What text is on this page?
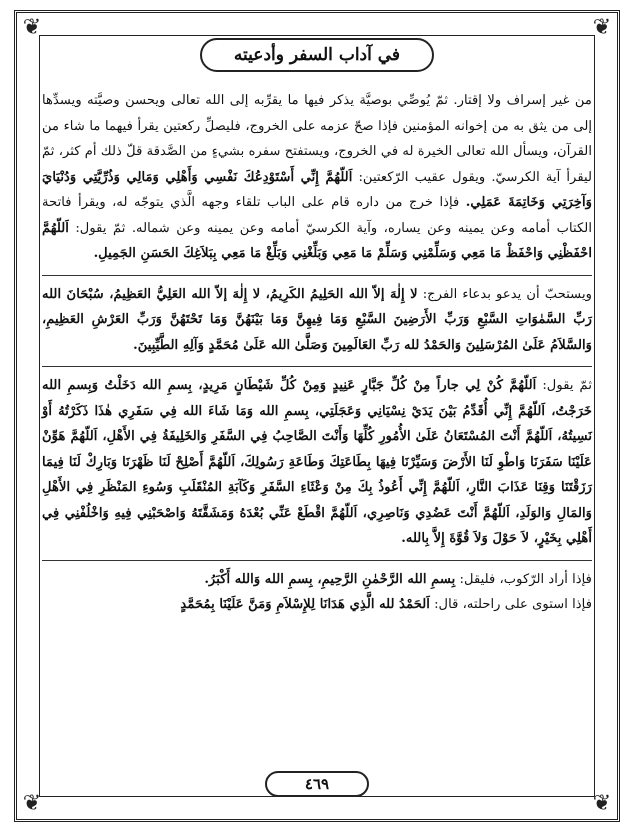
❦	❦
❦	❦
في آداب السفر وأدعيته

من غير إسراف ولا إقتار. ثمّ يُوصِّي بوصيَّة يذكر فيها ما يقرِّبه إلى الله تعالى ويحسن وصيَّته ويسدِّها إلى من يثق به من إخوانه المؤمنين فإذا صحّ عزمه على الخروج، فليصلِّ ركعتين يقرأ فيهما ما شاء من القرآن، ويسأل الله تعالى الخيرة له في الخروج، ويستفتح سفره بشيءٍ من الصَّدقة قلّ ذلك أم كثر، ثمّ ليقرأ آية الكرسيّ. ويقول عقيب الرّكعتين: اَللّهُمَّ إِنِّي أَسْتَوْدِعُكَ نَفْسِي وَأَهْلِي وَمَالِي وَذُرِّيَّتِي وَدُنْيَايَ وَآخِرَتِي وَخَاتِمَةَ عَمَلِي. فإذا خرج من داره قام على الباب تلقاء وجهه الَّذي يتوجّه له، ويقرأ فاتحة الكتاب أمامه وعن يمينه وعن يساره، وآية الكرسيّ أمامه وعن يمينه وعن شماله. ثمّ يقول: اَللّهُمَّ احْفَظْنِي وَاحْفَظْ مَا مَعِي وَسَلِّمْنِي وَسَلِّمْ مَا مَعِي وَبَلِّغْنِي وَبَلِّغْ مَا مَعِي بِبَلاَغِكَ الحَسَنِ الجَمِيلِ.

ويستحبّ أن يدعو بدعاء الفرج: لا إِلٰهَ إلاّ الله الحَلِيمُ الكَرِيمُ، لا إِلٰهَ إلاّ الله العَلِيُّ العَظِيمُ، سُبْحَانَ الله رَبِّ السَّمٰوَاتِ السَّبْعِ وَرَبِّ الأَرَضِينَ السَّبْعِ وَمَا فِيهِنَّ وَمَا بَيْنَهُنَّ وَمَا تَحْتَهُنَّ وَرَبِّ العَرْشِ العَظِيمِ، وَالسَّلاَمُ عَلَىٰ المُرْسَلِينَ وَالحَمْدُ لله رَبِّ العَالَمِينَ وَصَلَّىٰ الله عَلَىٰ مُحَمَّدٍ وَآلِهِ الطَّيِّبِينَ.

ثمّ يقول: اَللّهُمَّ كُنْ لِي جاراً مِنْ كُلِّ جَبَّارٍ عَنِيدٍ وَمِنْ كُلِّ شَيْطَانٍ مَرِيدٍ، بِسمِ الله دَخَلْتُ وَبِسمِ الله خَرَجْتُ، اَللّهُمَّ إِنِّي أُقَدِّمُ بَيْنَ يَدَيْ نِسْيَانِي وَعَجَلَتِي، بِسمِ الله وَمَا شَاءَ الله فِي سَفَرِي هٰذَا ذَكَرْتُهُ أَوْ نَسِيتُهُ، اَللّهُمَّ أَنْتَ المُسْتَعَانُ عَلَىٰ الأُمُورِ كُلِّهَا وَأَنْتَ الصَّاحِبُ فِي السَّفَرِ وَالخَلِيفَةُ فِي الأَهْلِ، اَللّهُمَّ هَوِّنْ عَلَيْنَا سَفَرَنَا وَاطْوِ لَنَا الأَرْضَ وَسَيِّرْنَا فِيهَا بِطَاعَتِكَ وَطَاعَةِ رَسُولِكَ، اَللّهُمَّ أَصْلِحْ لَنَا ظَهْرَنَا وَبَارِكْ لَنَا فِيمَا رَزَقْتَنَا وَقِنَا عَذَابَ النَّارِ، اَللّهُمَّ إِنِّي أَعُوذُ بِكَ مِنْ وَعْثَاءِ السَّفَرِ وَكَآبَةِ المُنْقَلَبِ وَسُوءِ المَنْظَرِ فِي الأَهْلِ وَالمَالِ وَالوَلَدِ، اَللّهُمَّ أَنْتَ عَضُدِي وَنَاصِرِي، اَللّهُمَّ اقْطَعْ عَنِّي بُعْدَهُ وَمَشَقَّتَهُ وَاصْحَبْنِي فِيهِ وَاخْلُفْنِي فِي أَهْلِي بِخَيْرٍ، لاَ حَوْلَ وَلاَ قُوَّةَ إِلاَّ بِالله.

فإذا أراد الرّكوب، فليقل: بِسمِ الله الرَّحْمٰنِ الرَّحِيمِ، بِسمِ الله وَالله أَكْبَرُ.

فإذا استوى على راحلته، قال: اَلحَمْدُ لله الَّذِي هَدَانَا لِلإِسْلاَمِ وَمَنَّ عَلَيْنَا بِمُحَمَّدٍ

٤٦٩
